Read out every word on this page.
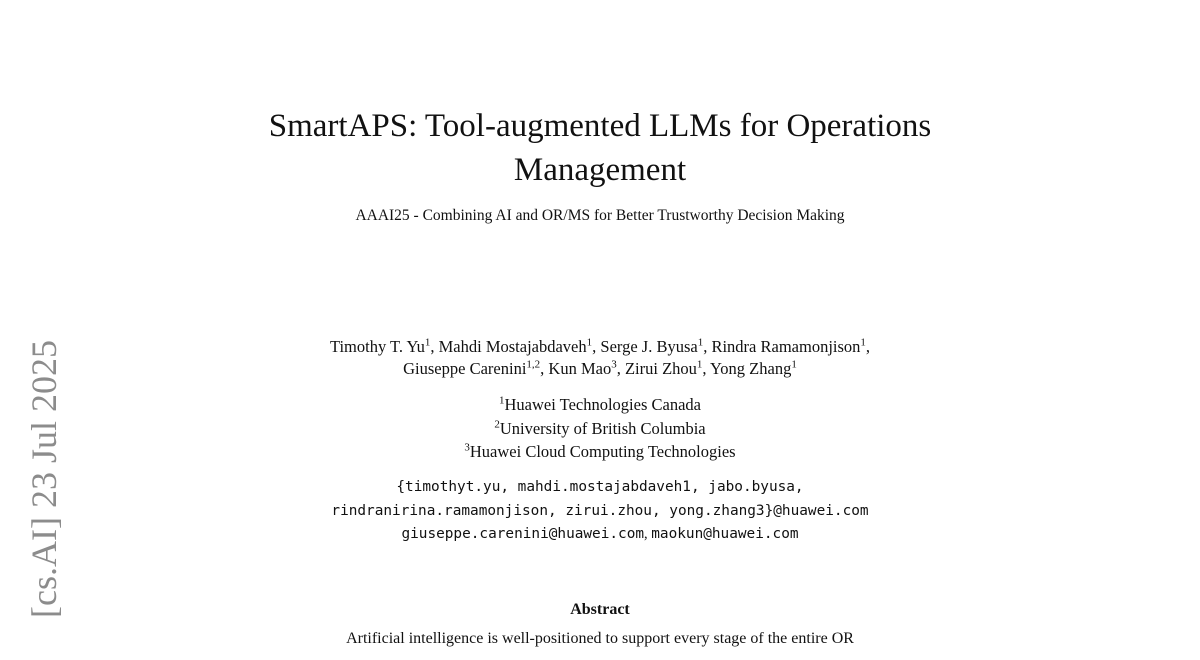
[cs.AI] 23 Jul 2025
SmartAPS: Tool-augmented LLMs for Operations
Management
AAAI25 - Combining AI and OR/MS for Better Trustworthy Decision Making
Timothy T. Yu$^1$, Mahdi Mostajabdaveh$^1$, Serge J. Byusa$^1$, Rindra Ramamonjison$^1$,
Giuseppe Carenini$^{1,2}$, Kun Mao$^3$, Zirui Zhou$^1$, Yong Zhang$^1$
$^1$Huawei Technologies Canada
$^2$University of British Columbia
$^3$Huawei Cloud Computing Technologies
{timothyt.yu, mahdi.mostajabdaveh1, jabo.byusa,
rindranirina.ramamonjison, zirui.zhou, yong.zhang3}@huawei.com
giuseppe.carenini@huawei.com, maokun@huawei.com
Abstract
Artificial intelligence is well-positioned to support every stage of the entire OR
